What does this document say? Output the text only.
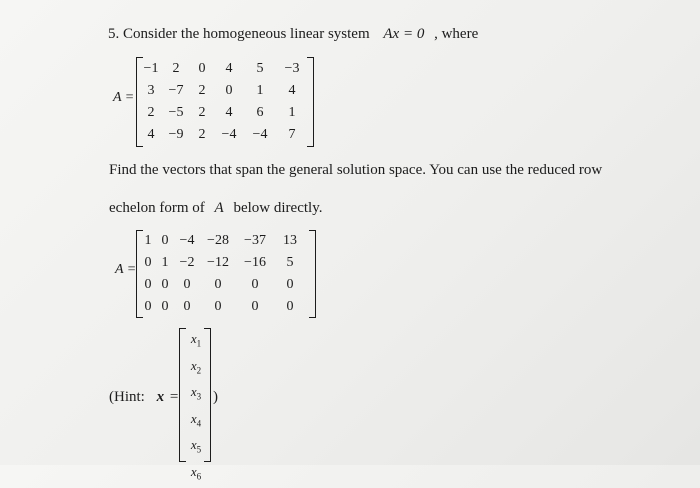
5. Consider the homogeneous linear system Ax = 0 , where
A =
−1	2	0	4	5	−3
3	−7	2	0	1	4
2	−5	2	4	6	1
4	−9	2	−4	−4	7
Find the vectors that span the general solution space. You can use the reduced row
echelon form of A below directly.
A =
1 0 −4 −28	−37	13
0 1 −2 −12	−16	5
0 0	0	0	0	0
0 0	0	0	0	0
(Hint: x =
$x_1$
$x_2$
$x_3$
$x_4$
$x_5$
$x_6$
)
